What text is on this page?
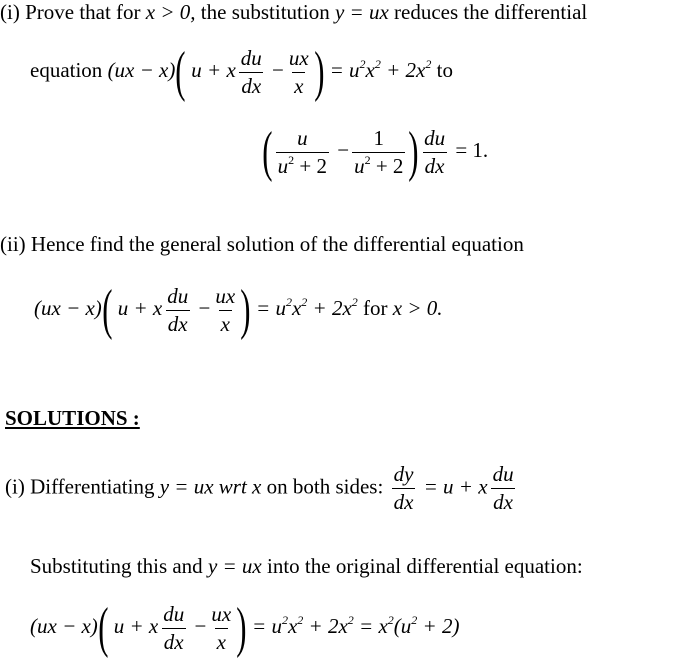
(i) Prove that for x > 0, the substitution y = ux reduces the differential
equation (ux − x)( u + x $\frac{du}{dx} - \frac{ux}{x}$ ) = $u^2x^2 + 2x^2$ to
( $\frac{u}{u^2 + 2} - \frac{1}{u^2 + 2}$ ) $\frac{du}{dx} = 1$.
(ii) Hence find the general solution of the differential equation
(ux − x)( u + x $\frac{du}{dx} - \frac{ux}{x}$ ) = $u^2x^2 + 2x^2$ for x > 0.
SOLUTIONS :
(i) Differentiating y = ux wrt x on both sides: $\frac{dy}{dx} = u + x \frac{du}{dx}$
Substituting this and y = ux into the original differential equation:
(ux − x)( u + x $\frac{du}{dx} - \frac{ux}{x}$ ) = $u^2x^2 + 2x^2 = x^2(u^2 + 2)$
